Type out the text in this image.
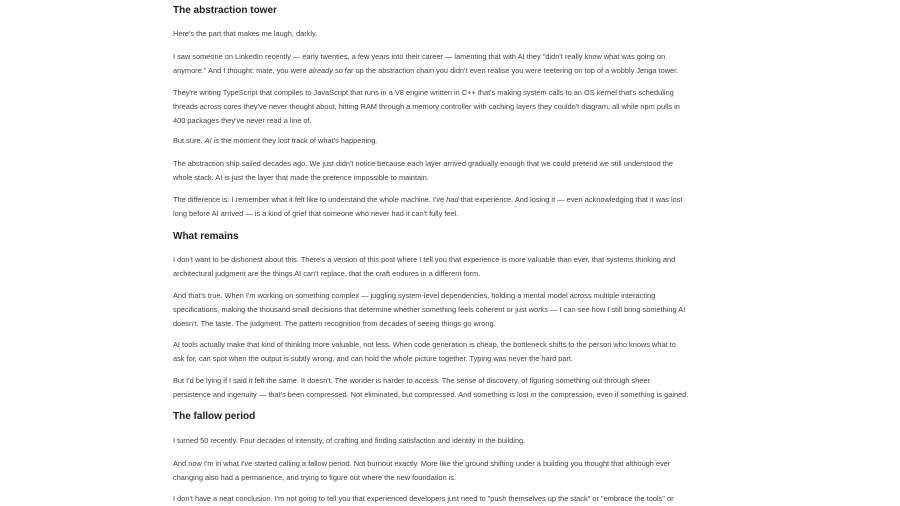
The abstraction tower

Here's the part that makes me laugh, darkly.

I saw someone on LinkedIn recently — early twenties, a few years into their career — lamenting that with AI they "didn't really know what was going on
anymore." And I thought: mate, you were already so far up the abstraction chain you didn't even realise you were teetering on top of a wobbly Jenga tower.

They're writing TypeScript that compiles to JavaScript that runs in a V8 engine written in C++ that's making system calls to an OS kernel that's scheduling
threads across cores they've never thought about, hitting RAM through a memory controller with caching layers they couldn't diagram, all while npm pulls in
400 packages they've never read a line of.

But sure. AI is the moment they lost track of what's happening.

The abstraction ship sailed decades ago. We just didn't notice because each layer arrived gradually enough that we could pretend we still understood the
whole stack. AI is just the layer that made the pretence impossible to maintain.

The difference is: I remember what it felt like to understand the whole machine. I've had that experience. And losing it — even acknowledging that it was lost
long before AI arrived — is a kind of grief that someone who never had it can't fully feel.

What remains

I don't want to be dishonest about this. There's a version of this post where I tell you that experience is more valuable than ever, that systems thinking and
architectural judgment are the things AI can't replace, that the craft endures in a different form.

And that's true. When I'm working on something complex — juggling system-level dependencies, holding a mental model across multiple interacting
specifications, making the thousand small decisions that determine whether something feels coherent or just works — I can see how I still bring something AI
doesn't. The taste. The judgment. The pattern recognition from decades of seeing things go wrong.

AI tools actually make that kind of thinking more valuable, not less. When code generation is cheap, the bottleneck shifts to the person who knows what to
ask for, can spot when the output is subtly wrong, and can hold the whole picture together. Typing was never the hard part.

But I'd be lying if I said it felt the same. It doesn't. The wonder is harder to access. The sense of discovery, of figuring something out through sheer
persistence and ingenuity — that's been compressed. Not eliminated, but compressed. And something is lost in the compression, even if something is gained.

The fallow period

I turned 50 recently. Four decades of intensity, of crafting and finding satisfaction and identity in the building.

And now I'm in what I've started calling a fallow period. Not burnout exactly. More like the ground shifting under a building you thought that although ever
changing also had a permanence, and trying to figure out where the new foundation is.

I don't have a neat conclusion. I'm not going to tell you that experienced developers just need to "push themselves up the stack" or "embrace the tools" or
